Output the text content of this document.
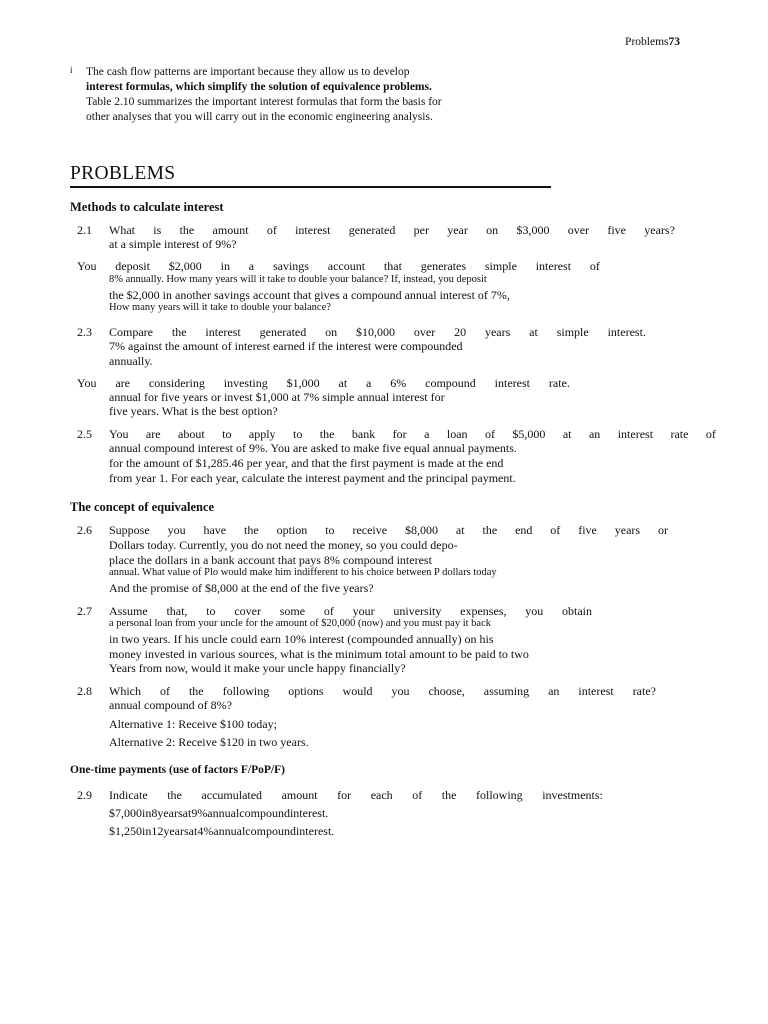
Problems73
i The cash flow patterns are important because they allow us to develop
interest formulas, which simplify the solution of equivalence problems.
Table 2.10 summarizes the important interest formulas that form the basis for
other analyses that you will carry out in the economic engineering analysis.
PROBLEMS
Methods to calculate interest
2.1 What is the amount of interest generated per year on $3,000 over five years?
at a simple interest of 9%?
You deposit $2,000 in a savings account that generates simple interest of
8% annually. How many years will it take to double your balance? If, instead, you deposit
the $2,000 in another savings account that gives a compound annual interest of 7%,
How many years will it take to double your balance?
2.3 Compare the interest generated on $10,000 over 20 years at simple interest.
7% against the amount of interest earned if the interest were compounded
annually.
You are considering investing $1,000 at a 6% compound interest rate.
annual for five years or invest $1,000 at 7% simple annual interest for
five years. What is the best option?
2.5 You are about to apply to the bank for a loan of $5,000 at an interest rate of
annual compound interest of 9%. You are asked to make five equal annual payments.
for the amount of $1,285.46 per year, and that the first payment is made at the end
from year 1. For each year, calculate the interest payment and the principal payment.
The concept of equivalence
2.6 Suppose you have the option to receive $8,000 at the end of five years or
Dollars today. Currently, you do not need the money, so you could depo-
place the dollars in a bank account that pays 8% compound interest
annual. What value of Plo would make him indifferent to his choice between P dollars today
And the promise of $8,000 at the end of the five years?
2.7 Assume that, to cover some of your university expenses, you obtain
a personal loan from your uncle for the amount of $20,000 (now) and you must pay it back
in two years. If his uncle could earn 10% interest (compounded annually) on his
money invested in various sources, what is the minimum total amount to be paid to two
Years from now, would it make your uncle happy financially?
2.8 Which of the following options would you choose, assuming an interest rate?
annual compound of 8%?
Alternative 1: Receive $100 today;
Alternative 2: Receive $120 in two years.
One-time payments (use of factors F/PoP/F)
2.9 Indicate the accumulated amount for each of the following investments:
$7,000in8yearsat9%annualcompoundinterest.
$1,250in12yearsat4%annualcompoundinterest.
